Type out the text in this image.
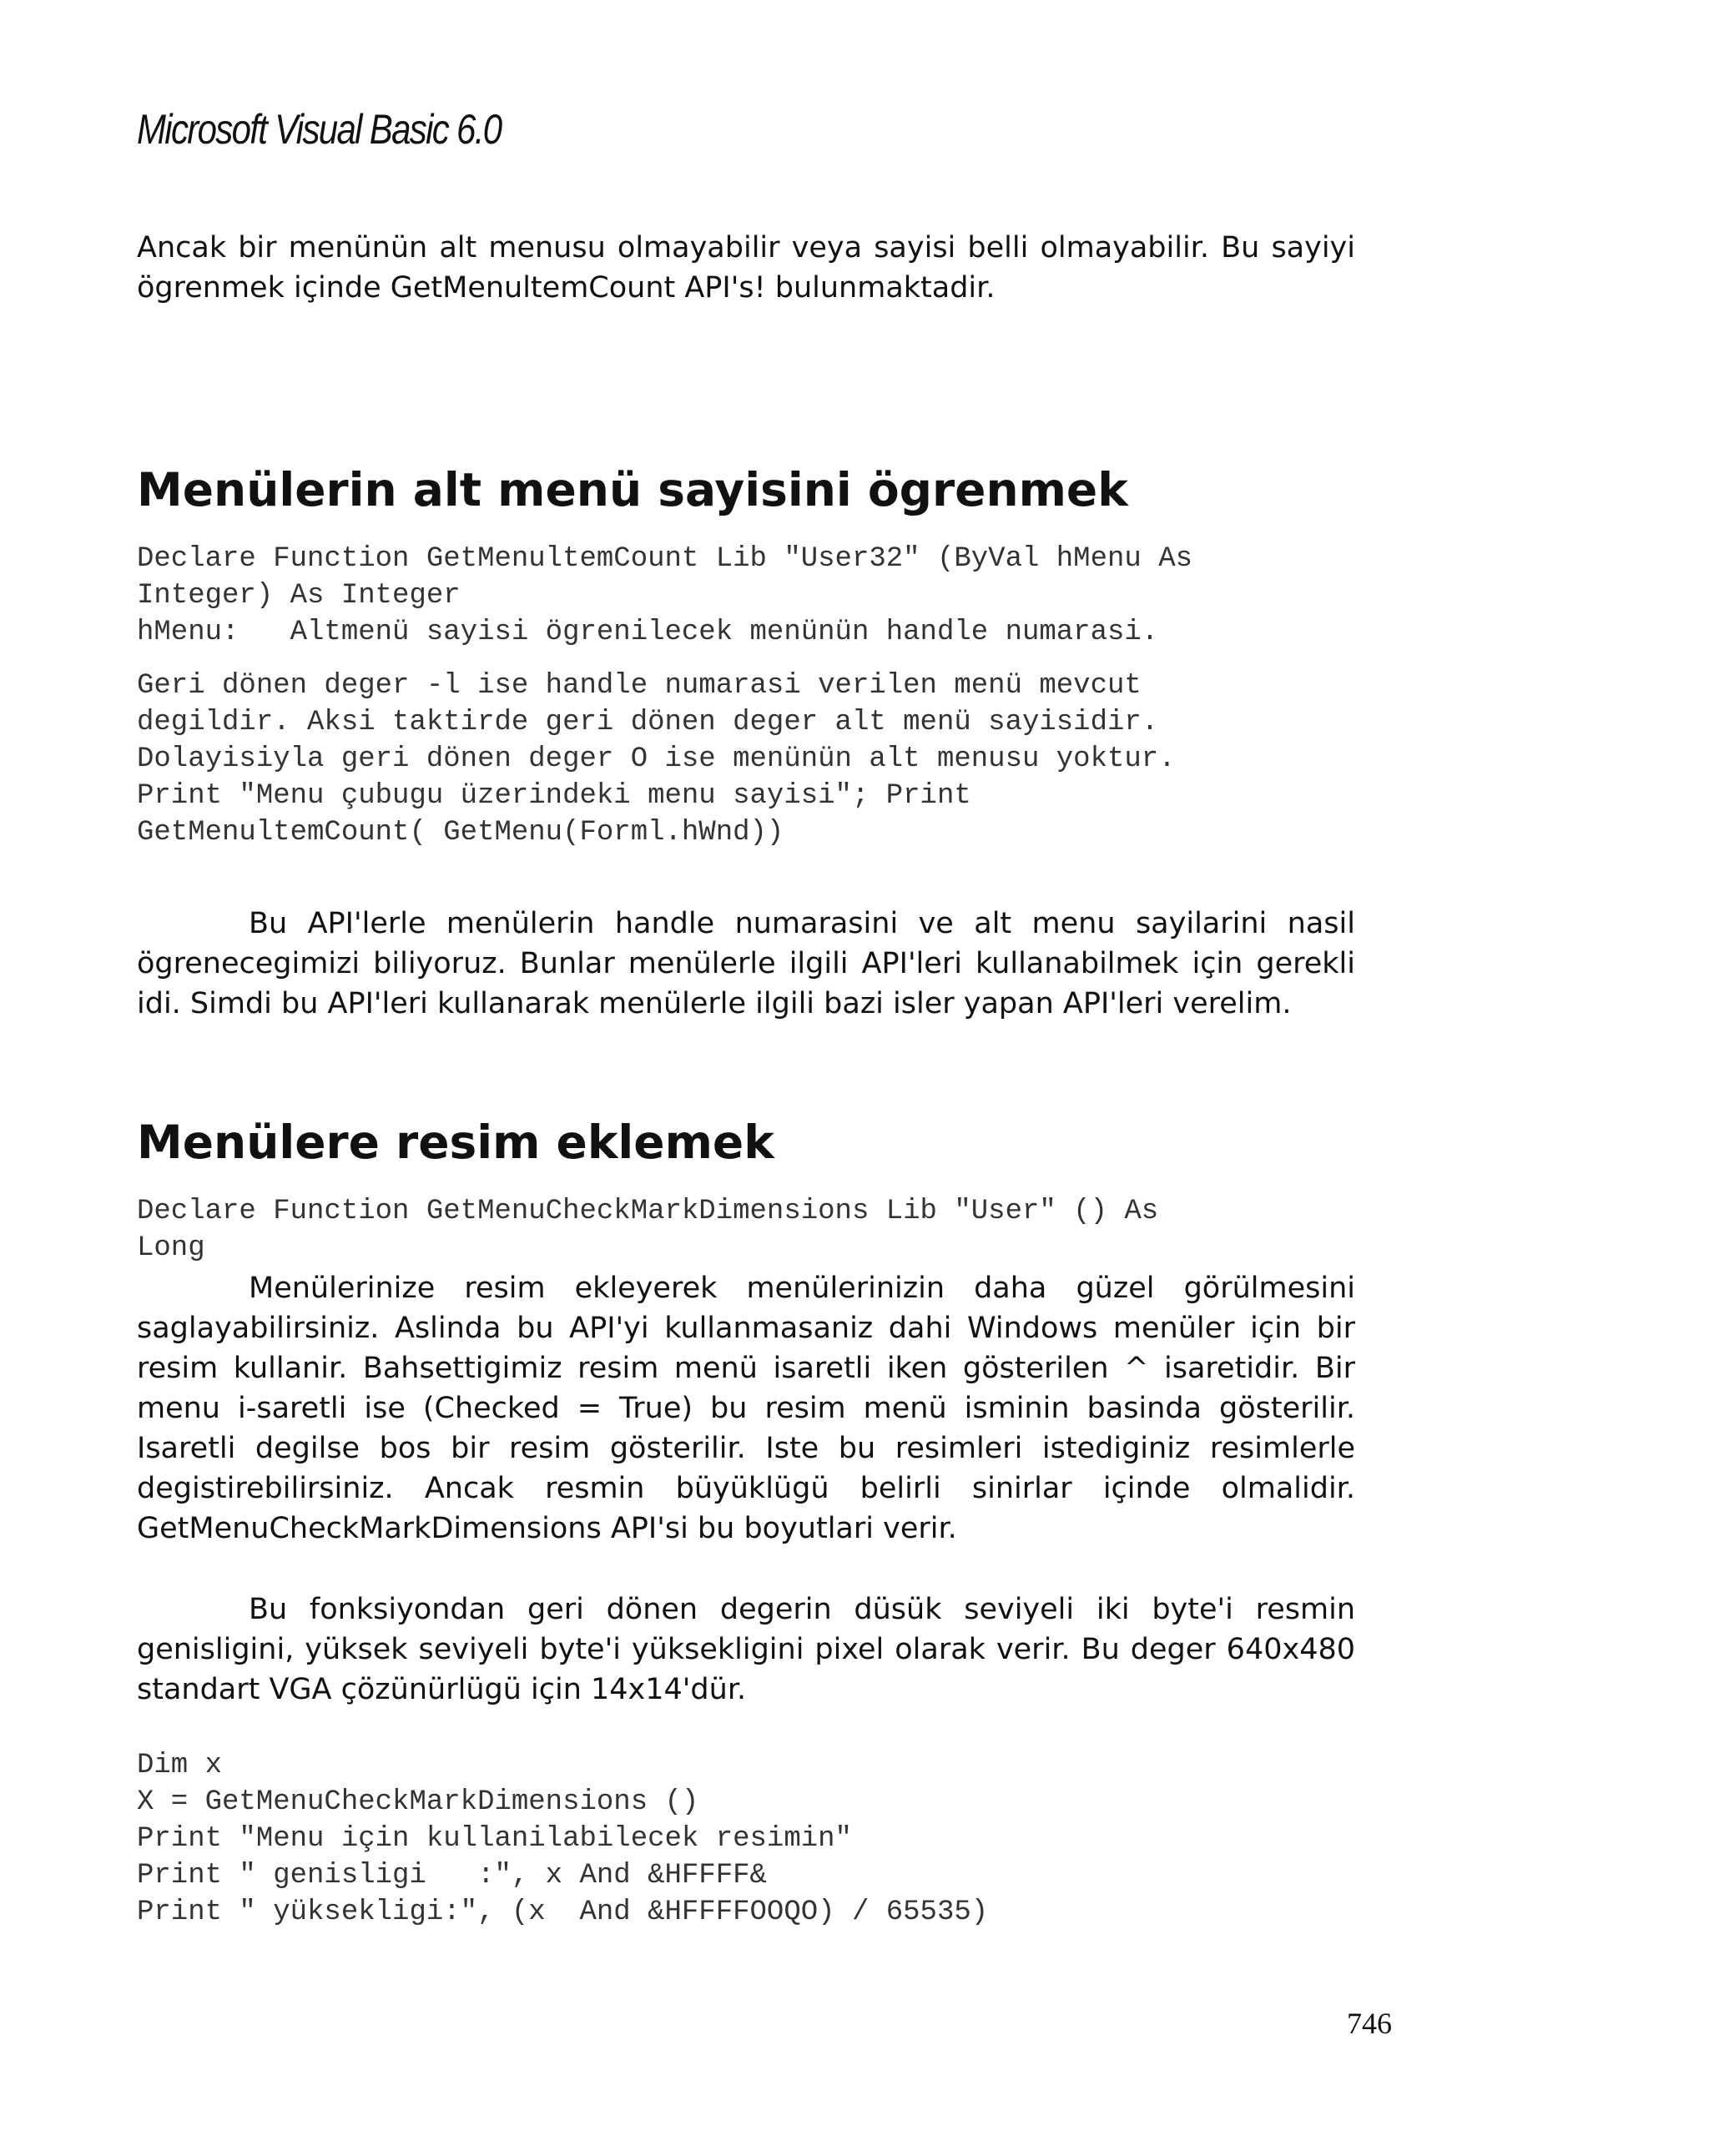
Microsoft Visual Basic 6.0

Ancak bir menünün alt menusu olmayabilir veya sayisi belli olmayabilir. Bu sayiyi ögrenmek içinde GetMenultemCount API's! bulunmaktadir.

Menülerin alt menü sayisini ögrenmek
Declare Function GetMenultemCount Lib "User32" (ByVal hMenu As
Integer) As Integer
hMenu:   Altmenü sayisi ögrenilecek menünün handle numarasi.
Geri dönen deger -l ise handle numarasi verilen menü mevcut
degildir. Aksi taktirde geri dönen deger alt menü sayisidir.
Dolayisiyla geri dönen deger O ise menünün alt menusu yoktur.
Print "Menu çubugu üzerindeki menu sayisi"; Print
GetMenultemCount( GetMenu(Forml.hWnd))

Bu API'lerle menülerin handle numarasini ve alt menu sayilarini nasil ögrenecegimizi biliyoruz. Bunlar menülerle ilgili API'leri kullanabilmek için gerekli idi. Simdi bu API'leri kullanarak menülerle ilgili bazi isler yapan API'leri verelim.

Menülere resim eklemek
Declare Function GetMenuCheckMarkDimensions Lib "User" () As
Long

Menülerinize resim ekleyerek menülerinizin daha güzel görülmesini saglayabilirsiniz. Aslinda bu API'yi kullanmasaniz dahi Windows menüler için bir resim kullanir. Bahsettigimiz resim menü isaretli iken gösterilen ^ isaretidir. Bir menu i-saretli ise (Checked = True) bu resim menü isminin basinda gösterilir. Isaretli degilse bos bir resim gösterilir. Iste bu resimleri istediginiz resimlerle degistirebilirsiniz. Ancak resmin büyüklügü belirli sinirlar içinde olmalidir. GetMenuCheckMarkDimensions API'si bu boyutlari verir.

Bu fonksiyondan geri dönen degerin düsük seviyeli iki byte'i resmin genisligini, yüksek seviyeli byte'i yüksekligini pixel olarak verir. Bu deger 640x480 standart VGA çözünürlügü için 14x14'dür.

Dim x
X = GetMenuCheckMarkDimensions ()
Print "Menu için kullanilabilecek resimin"
Print " genisligi   :", x And &HFFFF&
Print " yüksekligi:", (x  And &HFFFFOOQO) / 65535)

746
